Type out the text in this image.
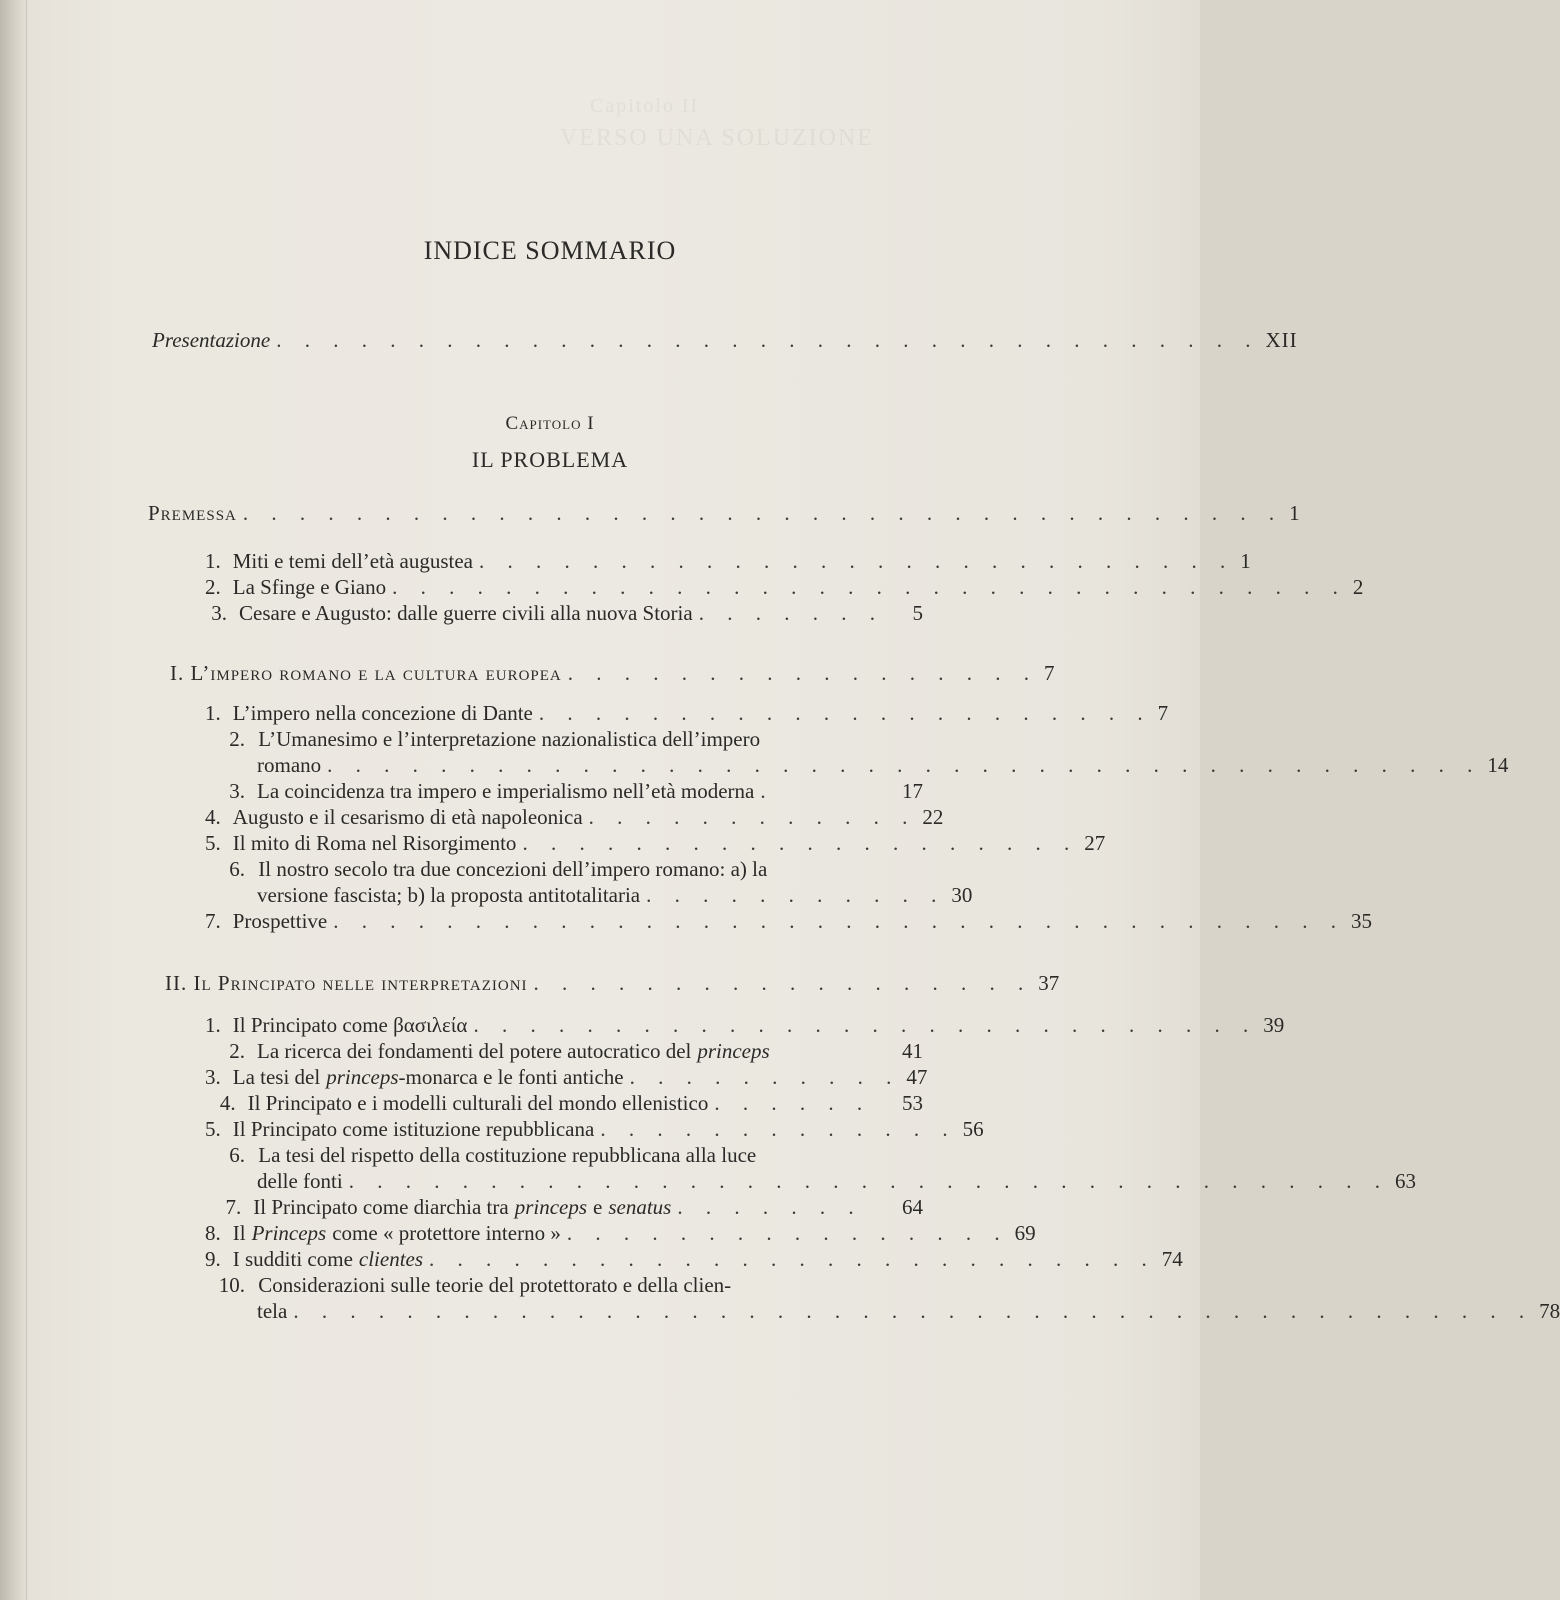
Capitolo II
VERSO UNA SOLUZIONE
INDICE SOMMARIO
Presentazione . . . . . . . . . . . . . . . . . . . . . . . . . . . . . . . . . . . XII
Capitolo I
IL PROBLEMA
Premessa . . . . . . . . . . . . . . . . . . . . . . . . . . . . . . . . . . . . . 1
1. Miti e temi dell’età augustea . . . . . . . . . . . . . . . . . . . . . . . . . . . 1
2. La Sfinge e Giano . . . . . . . . . . . . . . . . . . . . . . . . . . . . . . . . . . 2
3. Cesare e Augusto: dalle guerre civili alla nuova Storia . . . . . . .	5
I. L’impero romano e la cultura europea . . . . . . . . . . . . . . . . . 7
1. L’impero nella concezione di Dante . . . . . . . . . . . . . . . . . . . . . . 7
2. L’Umanesimo e l’interpretazione nazionalistica dell’impero
romano . . . . . . . . . . . . . . . . . . . . . . . . . . . . . . . . . . . . . . . . . 14
3. La coincidenza tra impero e imperialismo nell’età moderna .	17
4. Augusto e il cesarismo di età napoleonica . . . . . . . . . . . . 22
5. Il mito di Roma nel Risorgimento . . . . . . . . . . . . . . . . . . . . 27
6. Il nostro secolo tra due concezioni dell’impero romano: a) la
versione fascista; b) la proposta antitotalitaria . . . . . . . . . . . 30
7. Prospettive . . . . . . . . . . . . . . . . . . . . . . . . . . . . . . . . . . . . 35
II. Il Principato nelle interpretazioni . . . . . . . . . . . . . . . . . . 37
1. Il Principato come βασιλεία . . . . . . . . . . . . . . . . . . . . . . . . . . . . 39
2. La ricerca dei fondamenti del potere autocratico del princeps	41
3. La tesi del princeps -monarca e le fonti antiche . . . . . . . . . . 47
4. Il Principato e i modelli culturali del mondo ellenistico . . . . . .	53
5. Il Principato come istituzione repubblicana . . . . . . . . . . . . . 56
6. La tesi del rispetto della costituzione repubblicana alla luce
delle fonti . . . . . . . . . . . . . . . . . . . . . . . . . . . . . . . . . . . . . 63
7. Il Principato come diarchia tra princeps e senatus . . . . . . .	64
8. Il Princeps come « protettore interno » . . . . . . . . . . . . . . . . 69
9. I sudditi come clientes . . . . . . . . . . . . . . . . . . . . . . . . . . 74
10. Considerazioni sulle teorie del protettorato e della clien-
tela . . . . . . . . . . . . . . . . . . . . . . . . . . . . . . . . . . . . . . . . . . . . 78
